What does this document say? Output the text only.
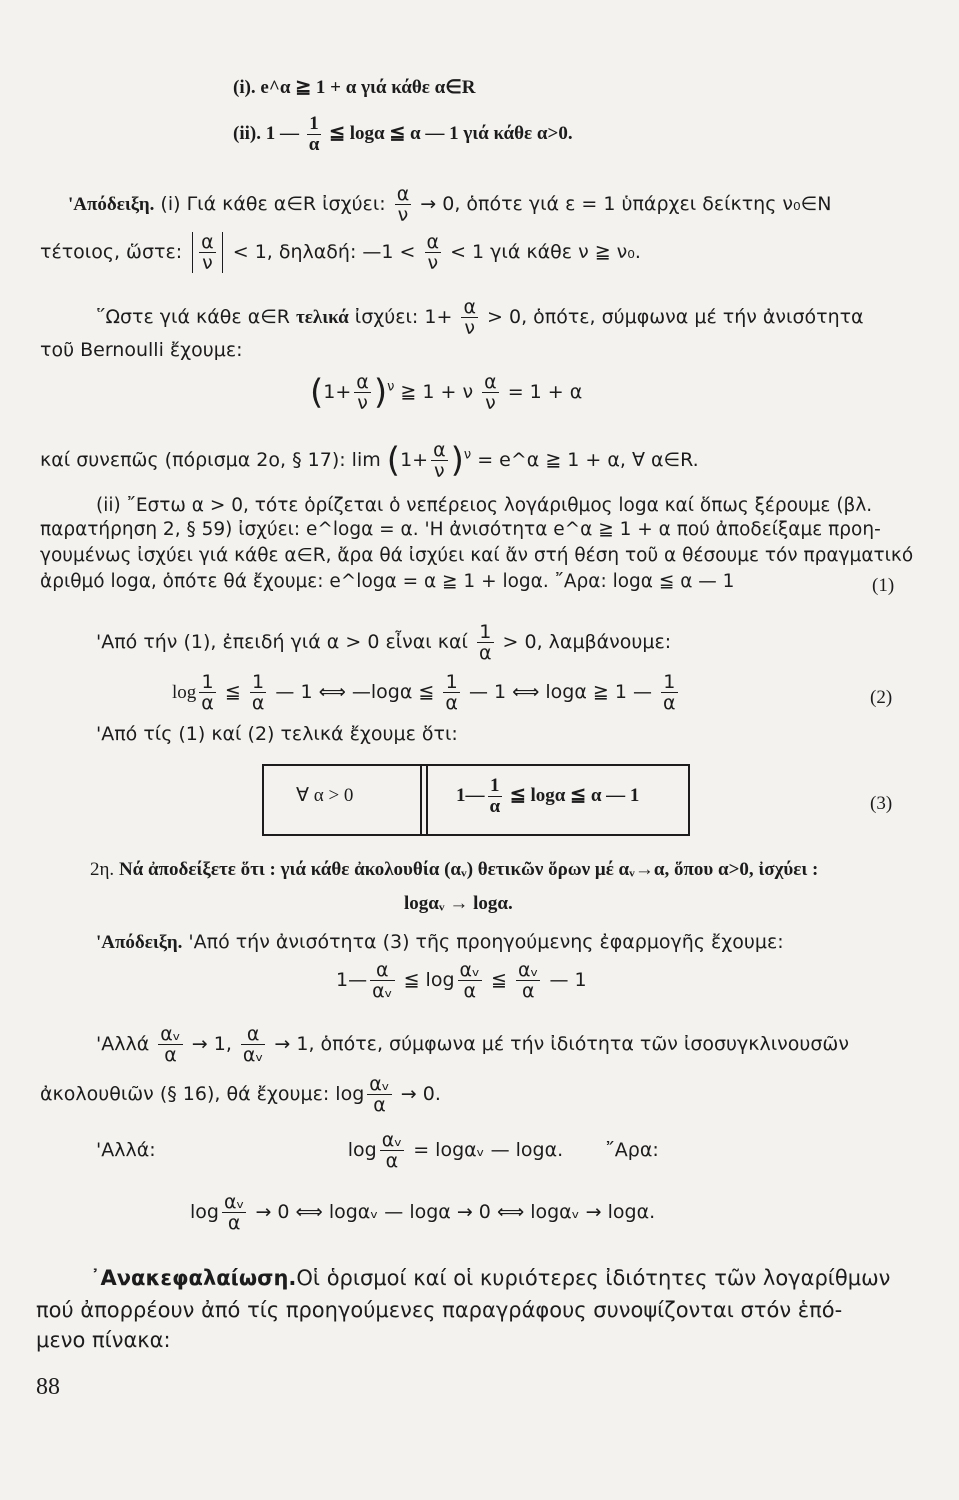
(i). e^α ≧ 1 + α γιά κάθε α∈R
(ii). 1 — $\frac{1}{\alpha}$ ≦ logα ≦ α — 1 γιά κάθε α>0.
'Απόδειξη. (i) Γιά κάθε α∈R ἰσχύει: $\frac{\alpha}{\nu} \to 0$, ὁπότε γιά ε = 1 ὑπάρχει δείκτης ν₀∈Ν
τέτοιος, ὥστε: $\frac{\alpha}{\nu} < 1$, δηλαδή: —1 < $\frac{\alpha}{\nu} < 1$ γιά κάθε ν ≧ ν₀.
῞Ωστε γιά κάθε α∈R τελικά ἰσχύει: $1+ \frac{\alpha}{\nu} > 0$, ὁπότε, σύμφωνα μέ τήν ἀνισότητα
τοῦ Bernoulli ἔχουμε:
$(1+ \frac{\alpha}{\nu} )^\nu$ ≧ 1 + ν $\frac{\alpha}{\nu} = 1 + \alpha$
καί συνεπῶς (πόρισμα 2ο, § 17): $\lim (1+ \frac{\alpha}{\nu} )^\nu$ = e^α ≧ 1 + α, ∀ α∈R.
(ii) ῎Εστω α > 0, τότε ὁρίζεται ὁ νεπέρειος λογάριθμος logα καί ὅπως ξέρουμε (βλ.
παρατήρηση 2, § 59) ἰσχύει: e^logα = α. 'Η ἀνισότητα e^α ≧ 1 + α πού ἀποδείξαμε προη-
γουμένως ἰσχύει γιά κάθε α∈R, ἄρα θά ἰσχύει καί ἄν στή θέση τοῦ α θέσουμε τόν πραγματικό
ἀριθμό logα, ὁπότε θά ἔχουμε: e^logα = α ≧ 1 + logα. ῎Αρα: logα ≦ α — 1	(1)
'Από τήν (1), ἐπειδή γιά α > 0 εἶναι καί $\frac{1}{\alpha} > 0$, λαμβάνουμε:
$\log \frac{1}{\alpha}$ ≦ $\frac{1}{\alpha}$ — 1 ⟺ —logα ≦ $\frac{1}{\alpha}$ — 1 ⟺ logα ≧ 1 — $\frac{1}{\alpha}$	(2)
'Από τίς (1) καί (2) τελικά ἔχουμε ὅτι:
∀ α > 0	1— $\frac{1}{\alpha}$ ≦ logα ≦ α — 1	(3)
2η. Νά ἀποδείξετε ὅτι : γιά κάθε ἀκολουθία (αᵥ) θετικῶν ὅρων μέ αᵥ→α, ὅπου α>0, ἰσχύει :
logαᵥ → logα.
'Απόδειξη. 'Από τήν ἀνισότητα (3) τῆς προηγούμενης ἐφαρμογῆς ἔχουμε:
1— $\frac{\alpha}{\text{αᵥ}}$ ≦ $\log \frac{\text{αᵥ}}{\alpha}$ ≦ $\frac{\text{αᵥ}}{\alpha}$ — 1
'$A\lambda\lambda ά \frac{\text{αᵥ}}{\alpha} \to 1$, $\frac{\alpha}{\text{αᵥ}} \to 1$, ὁπότε, σύμφωνα μέ τήν ἰδιότητα τῶν ἰσοσυγκλινουσῶν
ἀκολουθιῶν (§ 16), θά ἔχουμε: $\log \frac{\text{αᵥ}}{\alpha} \to 0$.
'Αλλά:	$\log \frac{\text{αᵥ}}{\alpha}$ = logαᵥ — logα. ῎Αρα:
$\log \frac{\text{αᵥ}}{\alpha} \to 0$ ⟺ logαᵥ — logα → 0 ⟺ logαᵥ → logα.
᾿Ανακεφαλαίωση.Οἱ ὁρισμοί καί οἱ κυριότερες ἰδιότητες τῶν λογαρίθμων
πού ἀπορρέουν ἀπό τίς προηγούμενες παραγράφους συνοψίζονται στόν ἑπό-
μενο πίνακα:
88
